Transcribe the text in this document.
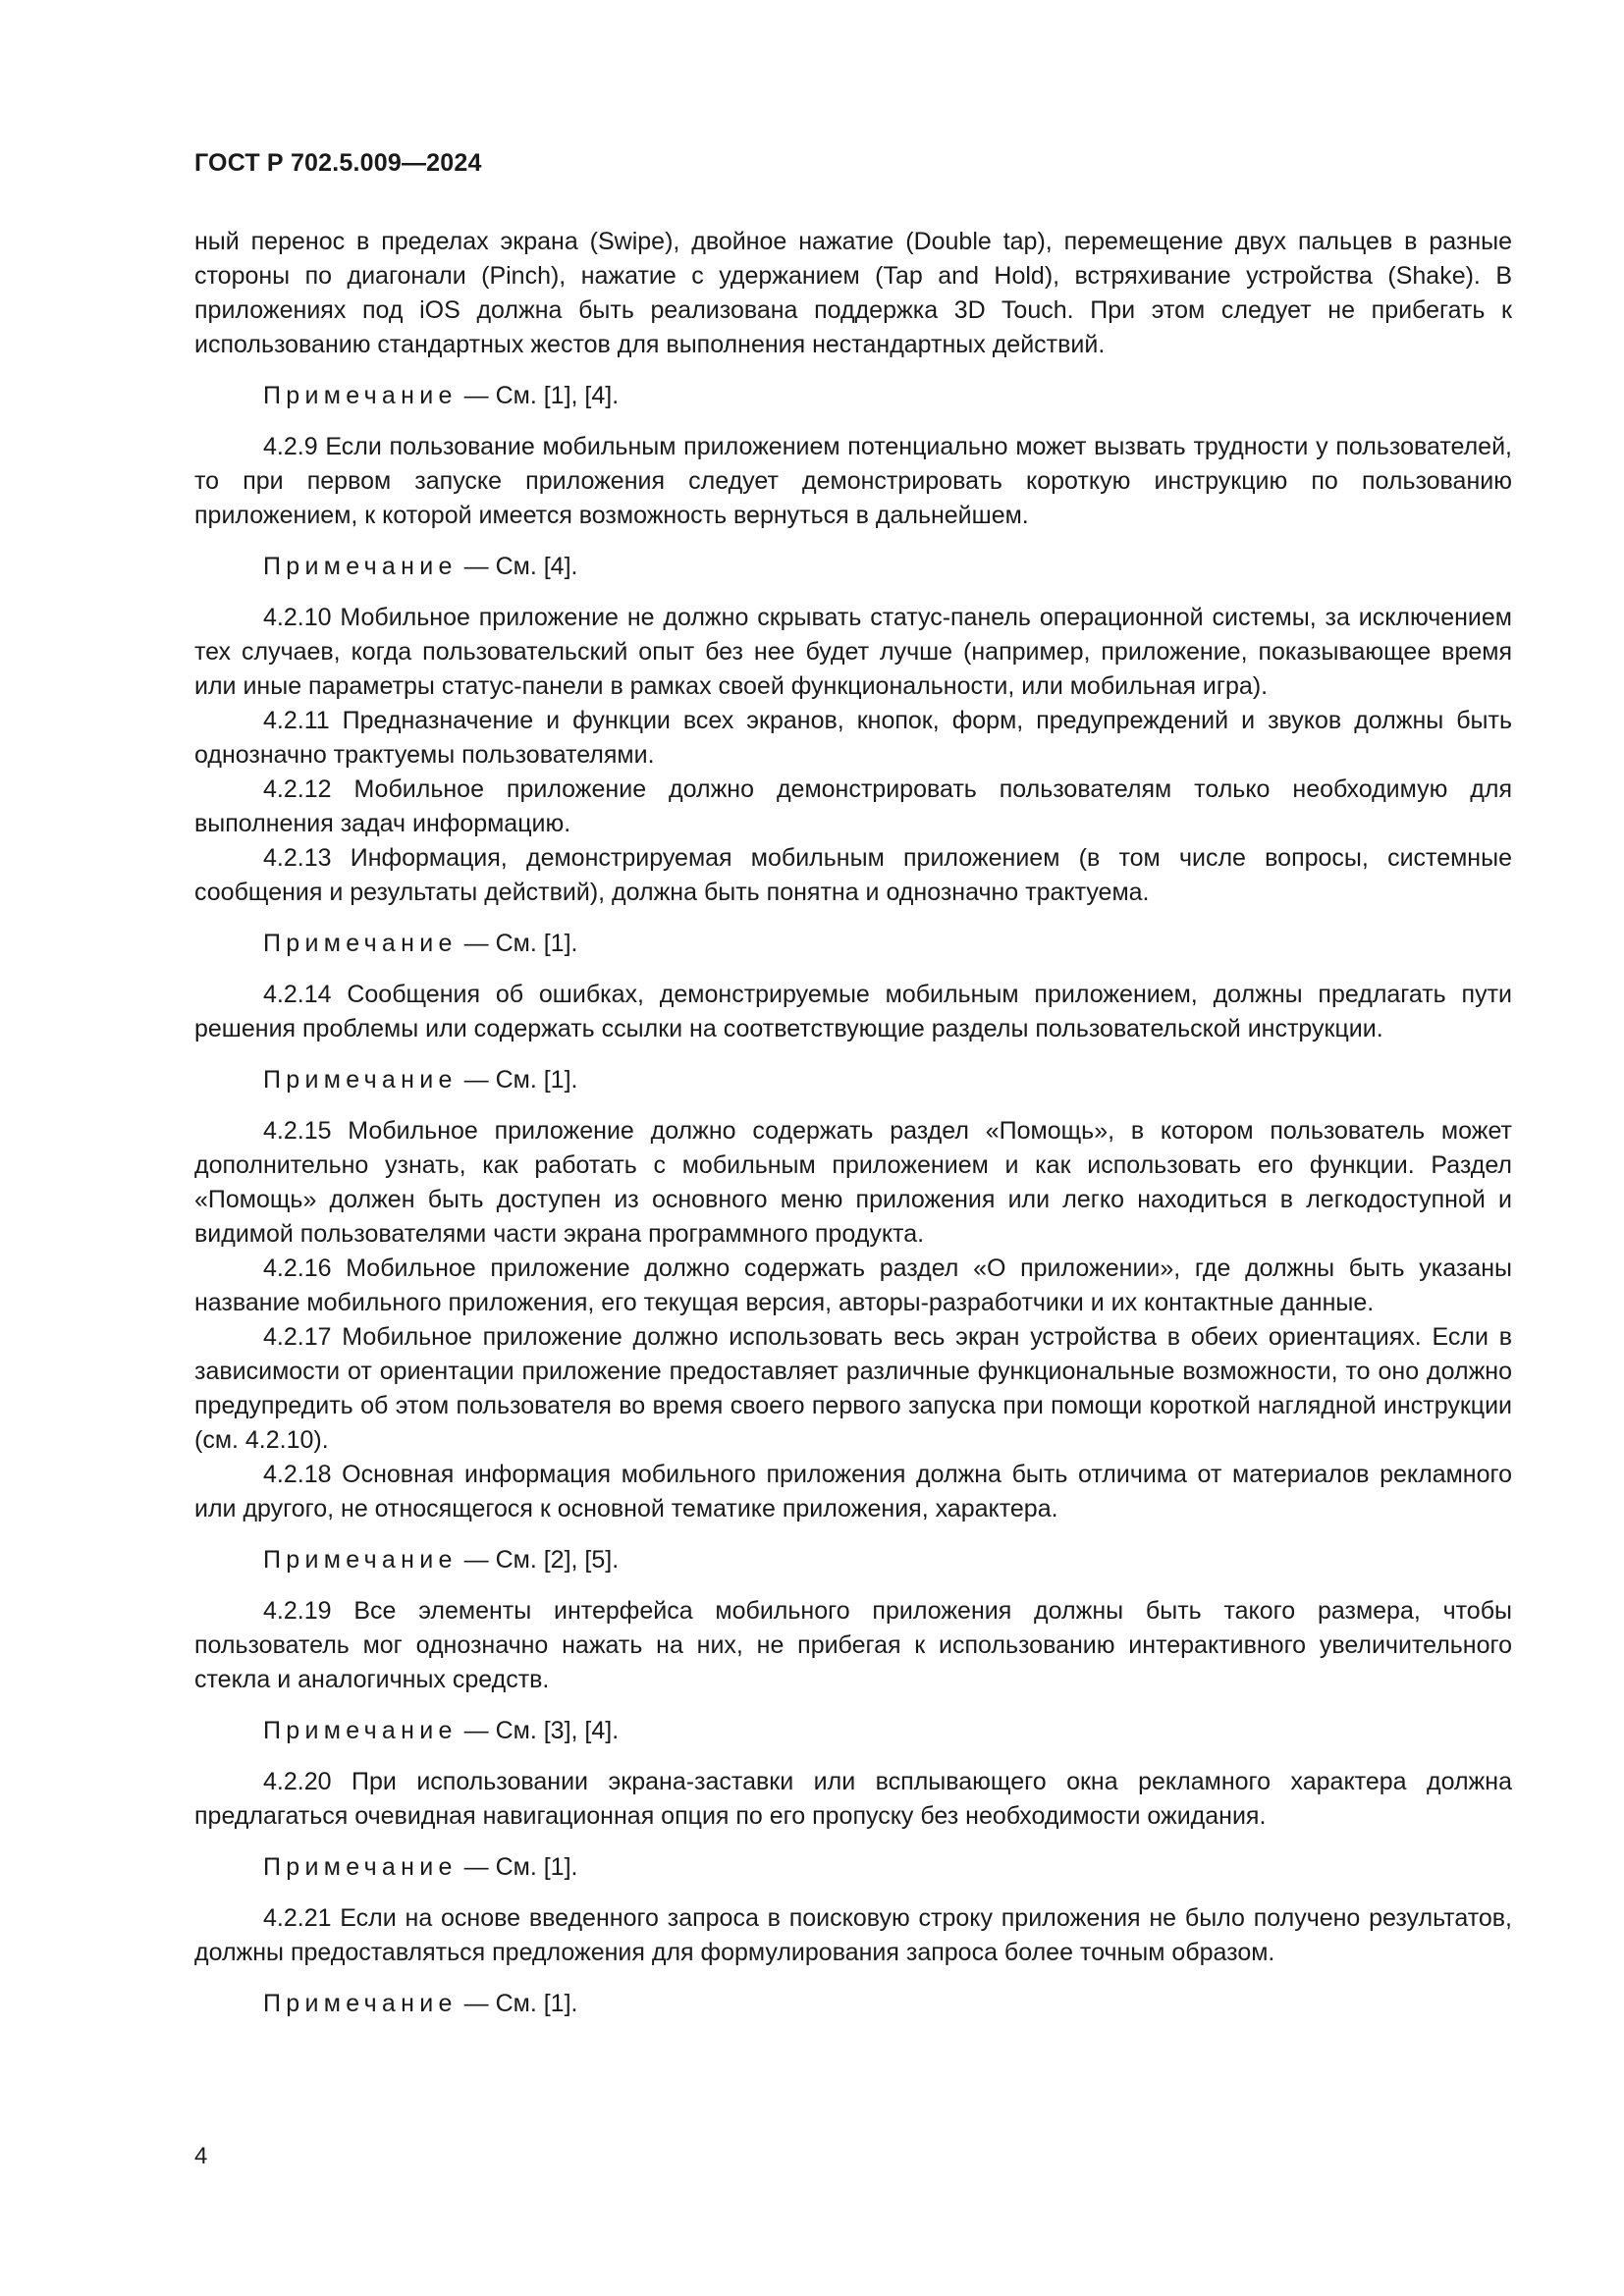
ГОСТ Р 702.5.009—2024

ный перенос в пределах экрана (Swipe), двойное нажатие (Double tap), перемещение двух пальцев в разные стороны по диагонали (Pinch), нажатие с удержанием (Tap and Hold), встряхивание устройства (Shake). В приложениях под iOS должна быть реализована поддержка 3D Touch. При этом следует не прибегать к использованию стандартных жестов для выполнения нестандартных действий.

Примечание — См. [1], [4].

4.2.9 Если пользование мобильным приложением потенциально может вызвать трудности у пользователей, то при первом запуске приложения следует демонстрировать короткую инструкцию по пользованию приложением, к которой имеется возможность вернуться в дальнейшем.

Примечание — См. [4].

4.2.10 Мобильное приложение не должно скрывать статус-панель операционной системы, за исключением тех случаев, когда пользовательский опыт без нее будет лучше (например, приложение, показывающее время или иные параметры статус-панели в рамках своей функциональности, или мобильная игра).

4.2.11 Предназначение и функции всех экранов, кнопок, форм, предупреждений и звуков должны быть однозначно трактуемы пользователями.

4.2.12 Мобильное приложение должно демонстрировать пользователям только необходимую для выполнения задач информацию.

4.2.13 Информация, демонстрируемая мобильным приложением (в том числе вопросы, системные сообщения и результаты действий), должна быть понятна и однозначно трактуема.

Примечание — См. [1].

4.2.14 Сообщения об ошибках, демонстрируемые мобильным приложением, должны предлагать пути решения проблемы или содержать ссылки на соответствующие разделы пользовательской инструкции.

Примечание — См. [1].

4.2.15 Мобильное приложение должно содержать раздел «Помощь», в котором пользователь может дополнительно узнать, как работать с мобильным приложением и как использовать его функции. Раздел «Помощь» должен быть доступен из основного меню приложения или легко находиться в легкодоступной и видимой пользователями части экрана программного продукта.

4.2.16 Мобильное приложение должно содержать раздел «О приложении», где должны быть указаны название мобильного приложения, его текущая версия, авторы-разработчики и их контактные данные.

4.2.17 Мобильное приложение должно использовать весь экран устройства в обеих ориентациях. Если в зависимости от ориентации приложение предоставляет различные функциональные возможности, то оно должно предупредить об этом пользователя во время своего первого запуска при помощи короткой наглядной инструкции (см. 4.2.10).

4.2.18 Основная информация мобильного приложения должна быть отличима от материалов рекламного или другого, не относящегося к основной тематике приложения, характера.

Примечание — См. [2], [5].

4.2.19 Все элементы интерфейса мобильного приложения должны быть такого размера, чтобы пользователь мог однозначно нажать на них, не прибегая к использованию интерактивного увеличительного стекла и аналогичных средств.

Примечание — См. [3], [4].

4.2.20 При использовании экрана-заставки или всплывающего окна рекламного характера должна предлагаться очевидная навигационная опция по его пропуску без необходимости ожидания.

Примечание — См. [1].

4.2.21 Если на основе введенного запроса в поисковую строку приложения не было получено результатов, должны предоставляться предложения для формулирования запроса более точным образом.

Примечание — См. [1].
4
